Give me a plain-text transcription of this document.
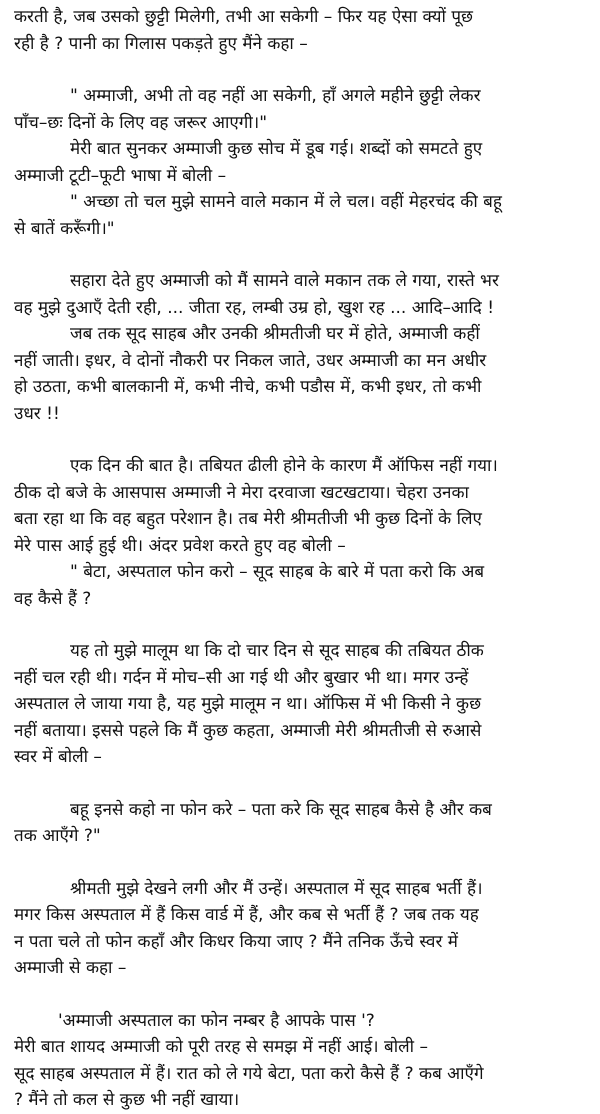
करती है, जब उसको छुट्टी मिलेगी, तभी आ सकेगी – फिर यह ऐसा क्यों पूछ
रही है ? पानी का गिलास पकड़ते हुए मैंने कहा –

" अम्माजी, अभी तो वह नहीं आ सकेगी, हाँ अगले महीने छुट्टी लेकर
पाँच–छः दिनों के लिए वह जरूर आएगी।"

मेरी बात सुनकर अम्माजी कुछ सोच में डूब गई। शब्दों को समटते हुए
अम्माजी टूटी–फूटी भाषा में बोली –

" अच्छा तो चल मुझे सामने वाले मकान में ले चल। वहीं मेहरचंद की बहू
से बातें करूँगी।"

सहारा देते हुए अम्माजी को मैं सामने वाले मकान तक ले गया, रास्ते भर
वह मुझे दुआएँ देती रही, ... जीता रह, लम्बी उम्र हो, खुश रह ... आदि–आदि !

जब तक सूद साहब और उनकी श्रीमतीजी घर में होते, अम्माजी कहीं
नहीं जाती। इधर, वे दोनों नौकरी पर निकल जाते, उधर अम्माजी का मन अधीर
हो उठता, कभी बालकानी में, कभी नीचे, कभी पडौस में, कभी इधर, तो कभी
उधर !!

एक दिन की बात है। तबियत ढीली होने के कारण मैं ऑफिस नहीं गया।
ठीक दो बजे के आसपास अम्माजी ने मेरा दरवाजा खटखटाया। चेहरा उनका
बता रहा था कि वह बहुत परेशान है। तब मेरी श्रीमतीजी भी कुछ दिनों के लिए
मेरे पास आई हुई थी। अंदर प्रवेश करते हुए वह बोली –

" बेटा, अस्पताल फोन करो – सूद साहब के बारे में पता करो कि अब
वह कैसे हैं ?

यह तो मुझे मालूम था कि दो चार दिन से सूद साहब की तबियत ठीक
नहीं चल रही थी। गर्दन में मोच–सी आ गई थी और बुखार भी था। मगर उन्हें
अस्पताल ले जाया गया है, यह मुझे मालूम न था। ऑफिस में भी किसी ने कुछ
नहीं बताया। इससे पहले कि मैं कुछ कहता, अम्माजी मेरी श्रीमतीजी से रुआसे
स्वर में बोली –

बहू इनसे कहो ना फोन करे – पता करे कि सूद साहब कैसे है और कब
तक आएँगे ?"

श्रीमती मुझे देखने लगी और मैं उन्हें। अस्पताल में सूद साहब भर्ती हैं।
मगर किस अस्पताल में हैं किस वार्ड में हैं, और कब से भर्ती हैं ? जब तक यह
न पता चले तो फोन कहाँ और किधर किया जाए ? मैंने तनिक ऊँचे स्वर में
अम्माजी से कहा –

'अम्माजी अस्पताल का फोन नम्बर है आपके पास '?
मेरी बात शायद अम्माजी को पूरी तरह से समझ में नहीं आई। बोली –
सूद साहब अस्पताल में हैं। रात को ले गये बेटा, पता करो कैसे हैं ? कब आएँगे
? मैंने तो कल से कुछ भी नहीं खाया।
